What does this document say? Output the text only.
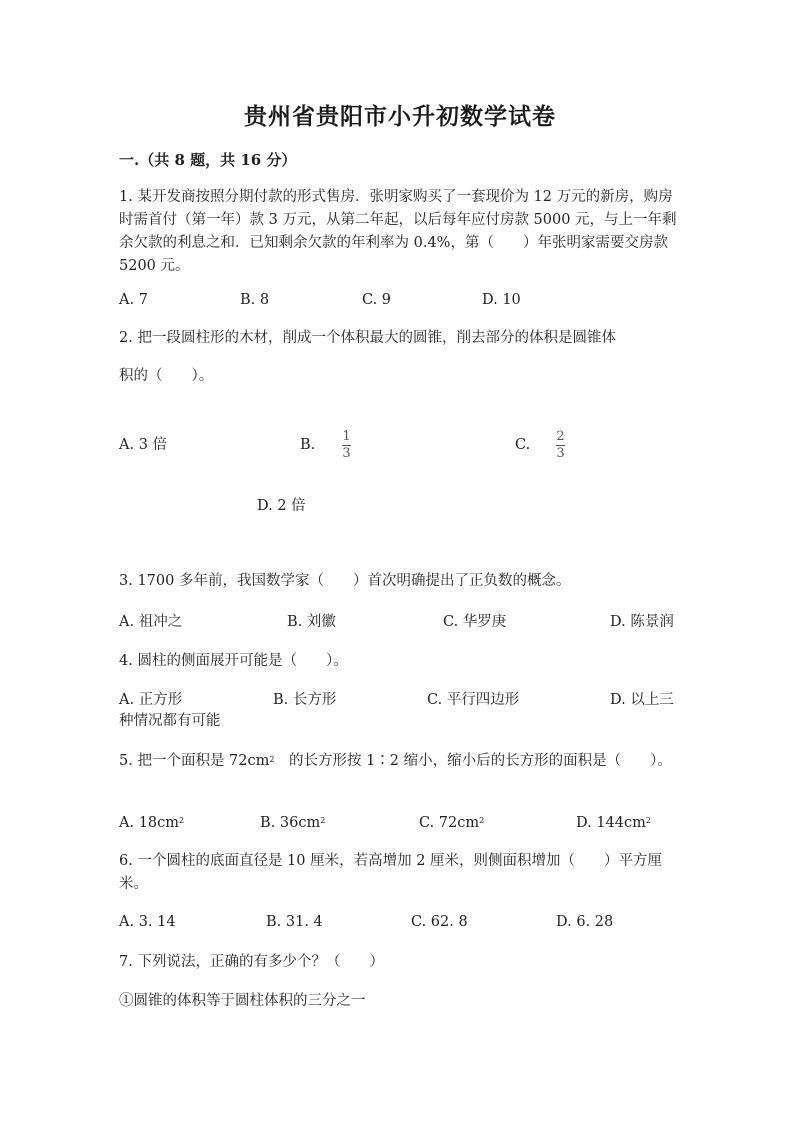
贵州省贵阳市小升初数学试卷
一.（共 8 题，共 16 分）
1. 某开发商按照分期付款的形式售房．张明家购买了一套现价为 12 万元的新房，购房时需首付（第一年）款 3 万元，从第二年起，以后每年应付房款 5000 元，与上一年剩余欠款的利息之和．已知剩余欠款的年利率为 0.4%，第（　　）年张明家需要交房款 5200 元。
A. 7	B. 8	C. 9	D. 10
2. 把一段圆柱形的木材，削成一个体积最大的圆锥，削去部分的体积是圆锥体
积的（　　）。
A. 3 倍	B.
1
3
C.
2
3
D. 2 倍
3. 1700 多年前，我国数学家（　　）首次明确提出了正负数的概念。
A. 祖冲之	B. 刘徽	C. 华罗庚	D. 陈景润
4. 圆柱的侧面展开可能是（　　）。
A. 正方形	B. 长方形	C. 平行四边形	D. 以上三
种情况都有可能
5. 把一个面积是 $72cm^2$　的长方形按 1∶2 缩小，缩小后的长方形的面积是（　　）。
A. $18cm^2$	B. $36cm^2$	C. $72cm^2$	D. $144cm^2$
6. 一个圆柱的底面直径是 10 厘米，若高增加 2 厘米，则侧面积增加（　　）平方厘米。
A. 3. 14	B. 31. 4	C. 62. 8	D. 6. 28
7. 下列说法，正确的有多少个？（　　）
①圆锥的体积等于圆柱体积的三分之一
